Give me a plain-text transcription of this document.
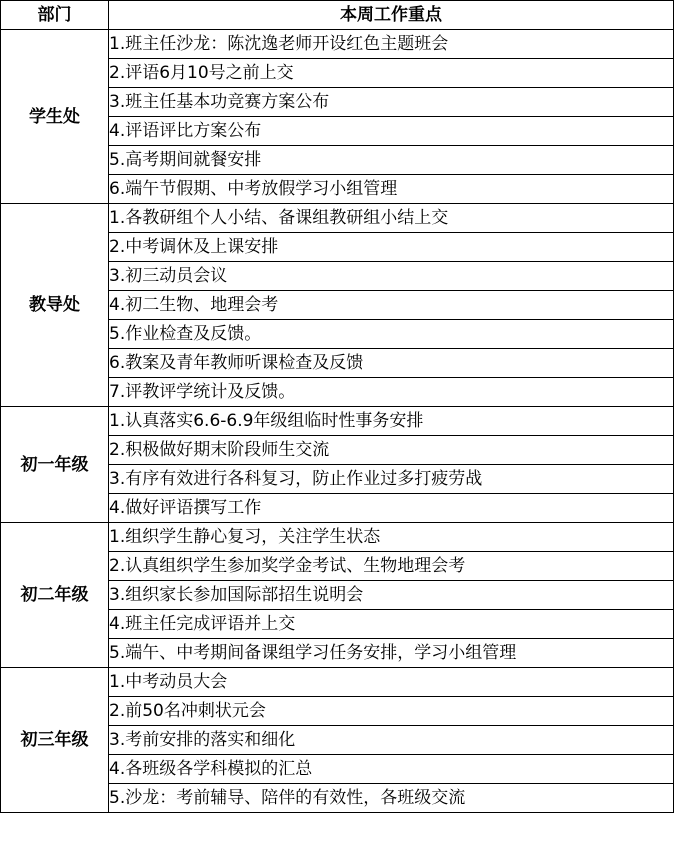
部门	本周工作重点
学生处	1.班主任沙龙：陈沈逸老师开设红色主题班会
	2.评语6月10号之前上交
	3.班主任基本功竞赛方案公布
	4.评语评比方案公布
	5.高考期间就餐安排
	6.端午节假期、中考放假学习小组管理
教导处	1.各教研组个人小结、备课组教研组小结上交
	2.中考调休及上课安排
	3.初三动员会议
	4.初二生物、地理会考
	5.作业检查及反馈。
	6.教案及青年教师听课检查及反馈
	7.评教评学统计及反馈。
初一年级	1.认真落实6.6-6.9年级组临时性事务安排
	2.积极做好期末阶段师生交流
	3.有序有效进行各科复习，防止作业过多打疲劳战
	4.做好评语撰写工作
初二年级	1.组织学生静心复习，关注学生状态
	2.认真组织学生参加奖学金考试、生物地理会考
	3.组织家长参加国际部招生说明会
	4.班主任完成评语并上交
	5.端午、中考期间备课组学习任务安排，学习小组管理
初三年级	1.中考动员大会
	2.前50名冲刺状元会
	3.考前安排的落实和细化
	4.各班级各学科模拟的汇总
	5.沙龙：考前辅导、陪伴的有效性，各班级交流
